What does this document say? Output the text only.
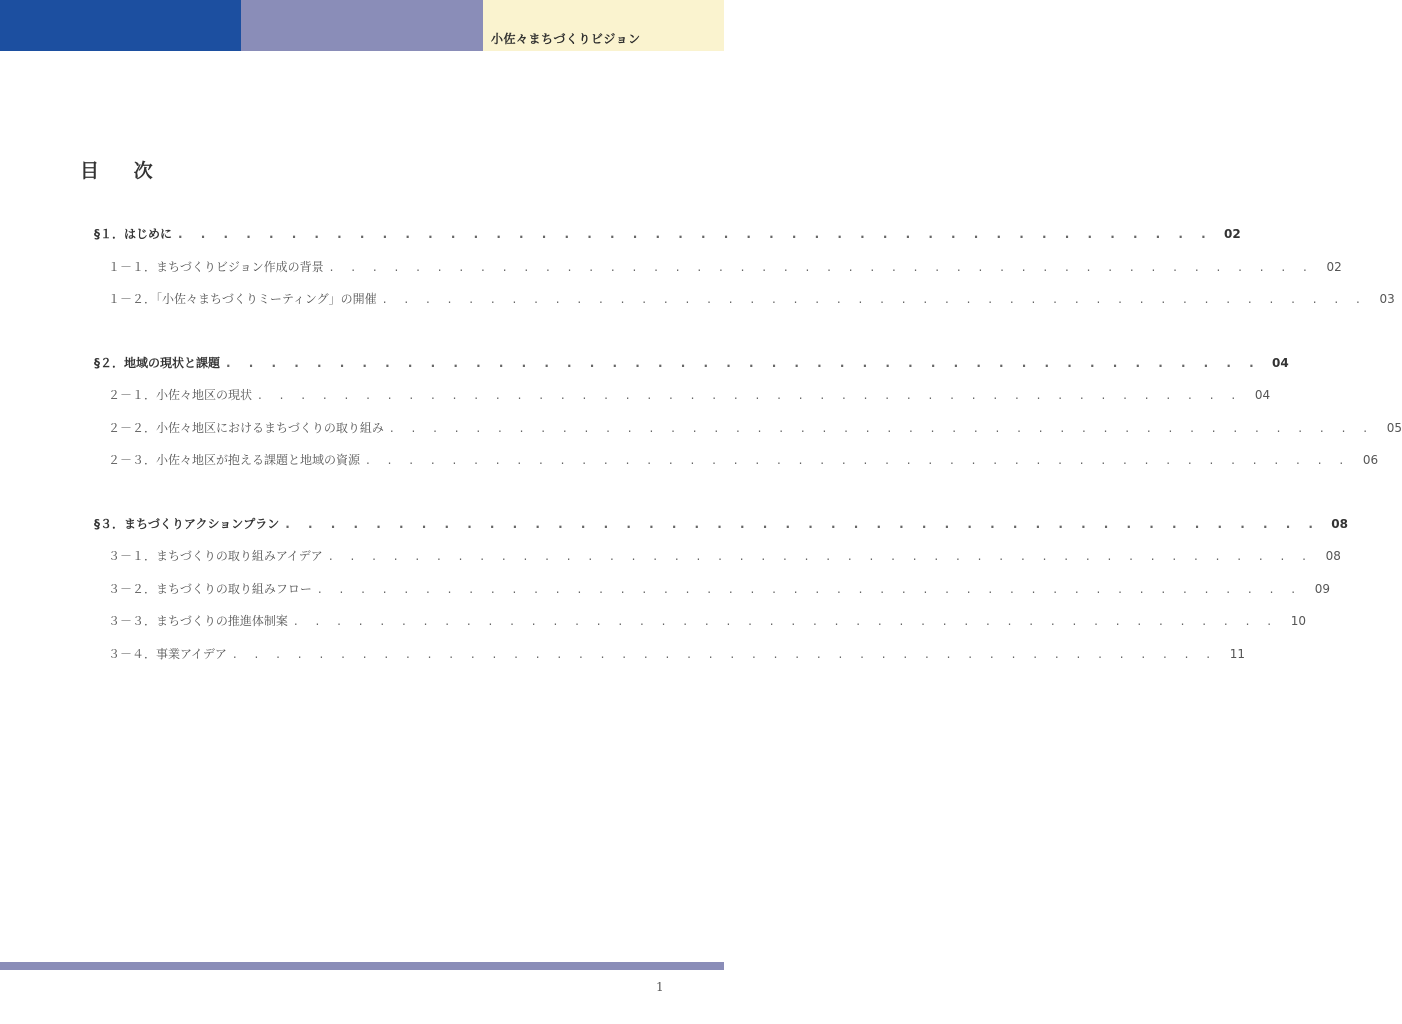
小佐々まちづくりビジョン
目 次
§１．はじめに . . . . . . . . . . . . . . . . . . . . . . . . . . . . . . . . . . . . . . . . . . . . . . 02
１－１．まちづくりビジョン作成の背景 . . . . . . . . . . . . . . . . . . . . . . . . . . . . . . . . . . . . . . . . . . . . . .	02
１－２．「小佐々まちづくりミーティング」の開催 . . . . . . . . . . . . . . . . . . . . . . . . . . . . . . . . . . . . . . . . . . . . . .	03
§２．地域の現状と課題 . . . . . . . . . . . . . . . . . . . . . . . . . . . . . . . . . . . . . . . . . . . . . . 04
２－１．小佐々地区の現状 . . . . . . . . . . . . . . . . . . . . . . . . . . . . . . . . . . . . . . . . . . . . . .	04
２－２．小佐々地区におけるまちづくりの取り組み . . . . . . . . . . . . . . . . . . . . . . . . . . . . . . . . . . . . . . . . . . . . . .	05
２－３．小佐々地区が抱える課題と地域の資源 . . . . . . . . . . . . . . . . . . . . . . . . . . . . . . . . . . . . . . . . . . . . . .	06
§３．まちづくりアクションプラン . . . . . . . . . . . . . . . . . . . . . . . . . . . . . . . . . . . . . . . . . . . . . . 08
３－１．まちづくりの取り組みアイデア . . . . . . . . . . . . . . . . . . . . . . . . . . . . . . . . . . . . . . . . . . . . . .	08
３－２．まちづくりの取り組みフロー . . . . . . . . . . . . . . . . . . . . . . . . . . . . . . . . . . . . . . . . . . . . . .	09
３－３．まちづくりの推進体制案 . . . . . . . . . . . . . . . . . . . . . . . . . . . . . . . . . . . . . . . . . . . . . .	10
３－４．事業アイデア . . . . . . . . . . . . . . . . . . . . . . . . . . . . . . . . . . . . . . . . . . . . . .	11
1
